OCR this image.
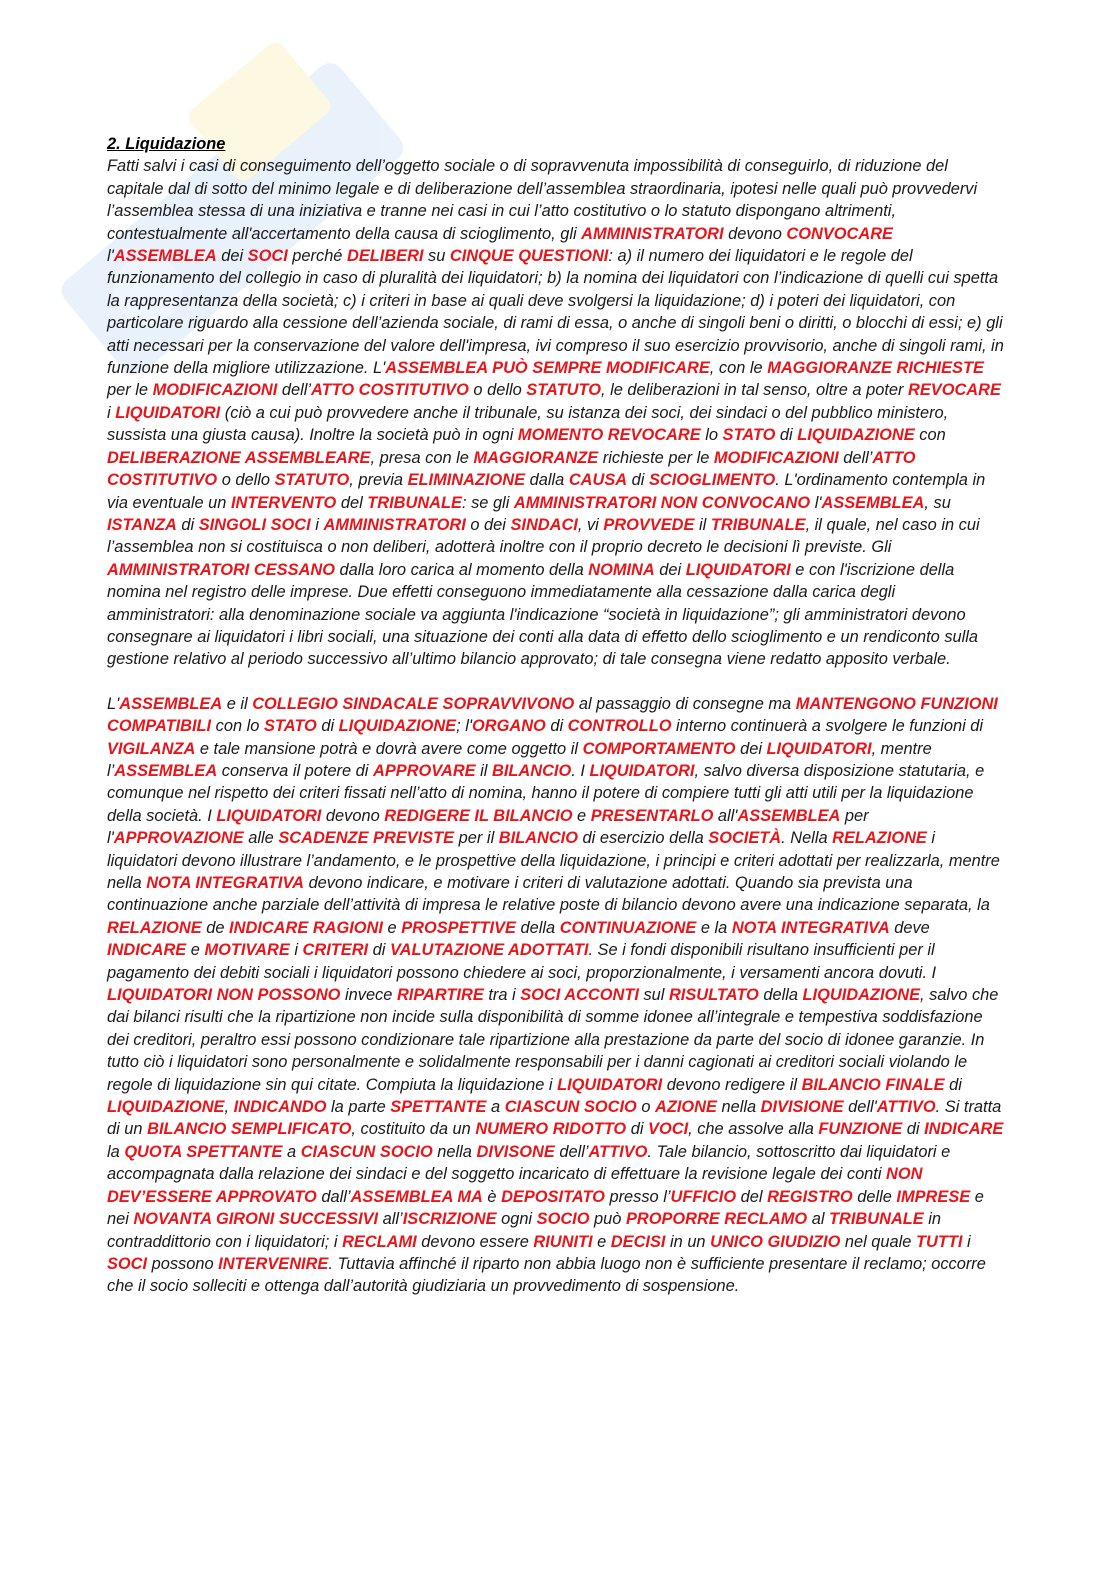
2. Liquidazione

Fatti salvi i casi di conseguimento dell’oggetto sociale o di sopravvenuta impossibilità di conseguirlo, di riduzione del capitale dal di sotto del minimo legale e di deliberazione dell’assemblea straordinaria, ipotesi nelle quali può provvedervi l’assemblea stessa di una iniziativa e tranne nei casi in cui l’atto costitutivo o lo statuto dispongano altrimenti, contestualmente all'accertamento della causa di scioglimento, gli AMMINISTRATORI devono CONVOCARE l'ASSEMBLEA dei SOCI perché DELIBERI su CINQUE QUESTIONI: a) il numero dei liquidatori e le regole del funzionamento del collegio in caso di pluralità dei liquidatori; b) la nomina dei liquidatori con l’indicazione di quelli cui spetta la rappresentanza della società; c) i criteri in base ai quali deve svolgersi la liquidazione; d) i poteri dei liquidatori, con particolare riguardo alla cessione dell’azienda sociale, di rami di essa, o anche di singoli beni o diritti, o blocchi di essi; e) gli atti necessari per la conservazione del valore dell'impresa, ivi compreso il suo esercizio provvisorio, anche di singoli rami, in funzione della migliore utilizzazione. L'ASSEMBLEA PUÒ SEMPRE MODIFICARE, con le MAGGIORANZE RICHIESTE per le MODIFICAZIONI dell’ATTO COSTITUTIVO o dello STATUTO, le deliberazioni in tal senso, oltre a poter REVOCARE i LIQUIDATORI (ciò a cui può provvedere anche il tribunale, su istanza dei soci, dei sindaci o del pubblico ministero, sussista una giusta causa). Inoltre la società può in ogni MOMENTO REVOCARE lo STATO di LIQUIDAZIONE con DELIBERAZIONE ASSEMBLEARE, presa con le MAGGIORANZE richieste per le MODIFICAZIONI dell’ATTO COSTITUTIVO o dello STATUTO, previa ELIMINAZIONE dalla CAUSA di SCIOGLIMENTO. L'ordinamento contempla in via eventuale un INTERVENTO del TRIBUNALE: se gli AMMINISTRATORI NON CONVOCANO l'ASSEMBLEA, su ISTANZA di SINGOLI SOCI i AMMINISTRATORI o dei SINDACI, vi PROVVEDE il TRIBUNALE, il quale, nel caso in cui l’assemblea non si costituisca o non deliberi, adotterà inoltre con il proprio decreto le decisioni lì previste. Gli AMMINISTRATORI CESSANO dalla loro carica al momento della NOMINA dei LIQUIDATORI e con l'iscrizione della nomina nel registro delle imprese. Due effetti conseguono immediatamente alla cessazione dalla carica degli amministratori: alla denominazione sociale va aggiunta l'indicazione “società in liquidazione”; gli amministratori devono consegnare ai liquidatori i libri sociali, una situazione dei conti alla data di effetto dello scioglimento e un rendiconto sulla gestione relativo al periodo successivo all’ultimo bilancio approvato; di tale consegna viene redatto apposito verbale.

L'ASSEMBLEA e il COLLEGIO SINDACALE SOPRAVVIVONO al passaggio di consegne ma MANTENGONO FUNZIONI COMPATIBILI con lo STATO di LIQUIDAZIONE; l'ORGANO di CONTROLLO interno continuerà a svolgere le funzioni di VIGILANZA e tale mansione potrà e dovrà avere come oggetto il COMPORTAMENTO dei LIQUIDATORI, mentre l’ASSEMBLEA conserva il potere di APPROVARE il BILANCIO. I LIQUIDATORI, salvo diversa disposizione statutaria, e comunque nel rispetto dei criteri fissati nell’atto di nomina, hanno il potere di compiere tutti gli atti utili per la liquidazione della società. I LIQUIDATORI devono REDIGERE IL BILANCIO e PRESENTARLO all'ASSEMBLEA per l'APPROVAZIONE alle SCADENZE PREVISTE per il BILANCIO di esercizio della SOCIETÀ. Nella RELAZIONE i liquidatori devono illustrare l’andamento, e le prospettive della liquidazione, i principi e criteri adottati per realizzarla, mentre nella NOTA INTEGRATIVA devono indicare, e motivare i criteri di valutazione adottati. Quando sia prevista una continuazione anche parziale dell’attività di impresa le relative poste di bilancio devono avere una indicazione separata, la RELAZIONE de INDICARE RAGIONI e PROSPETTIVE della CONTINUAZIONE e la NOTA INTEGRATIVA deve INDICARE e MOTIVARE i CRITERI di VALUTAZIONE ADOTTATI. Se i fondi disponibili risultano insufficienti per il pagamento dei debiti sociali i liquidatori possono chiedere ai soci, proporzionalmente, i versamenti ancora dovuti. I LIQUIDATORI NON POSSONO invece RIPARTIRE tra i SOCI ACCONTI sul RISULTATO della LIQUIDAZIONE, salvo che dai bilanci risulti che la ripartizione non incide sulla disponibilità di somme idonee all’integrale e tempestiva soddisfazione dei creditori, peraltro essi possono condizionare tale ripartizione alla prestazione da parte del socio di idonee garanzie. In tutto ciò i liquidatori sono personalmente e solidalmente responsabili per i danni cagionati ai creditori sociali violando le regole di liquidazione sin qui citate. Compiuta la liquidazione i LIQUIDATORI devono redigere il BILANCIO FINALE di LIQUIDAZIONE, INDICANDO la parte SPETTANTE a CIASCUN SOCIO o AZIONE nella DIVISIONE dell'ATTIVO. Si tratta di un BILANCIO SEMPLIFICATO, costituito da un NUMERO RIDOTTO di VOCI, che assolve alla FUNZIONE di INDICARE la QUOTA SPETTANTE a CIASCUN SOCIO nella DIVISONE dell’ATTIVO. Tale bilancio, sottoscritto dai liquidatori e accompagnata dalla relazione dei sindaci e del soggetto incaricato di effettuare la revisione legale dei conti NON DEV’ESSERE APPROVATO dall’ASSEMBLEA MA è DEPOSITATO presso l’UFFICIO del REGISTRO delle IMPRESE e nei NOVANTA GIRONI SUCCESSIVI all’ISCRIZIONE ogni SOCIO può PROPORRE RECLAMO al TRIBUNALE in contraddittorio con i liquidatori; i RECLAMI devono essere RIUNITI e DECISI in un UNICO GIUDIZIO nel quale TUTTI i SOCI possono INTERVENIRE. Tuttavia affinché il riparto non abbia luogo non è sufficiente presentare il reclamo; occorre che il socio solleciti e ottenga dall’autorità giudiziaria un provvedimento di sospensione.
